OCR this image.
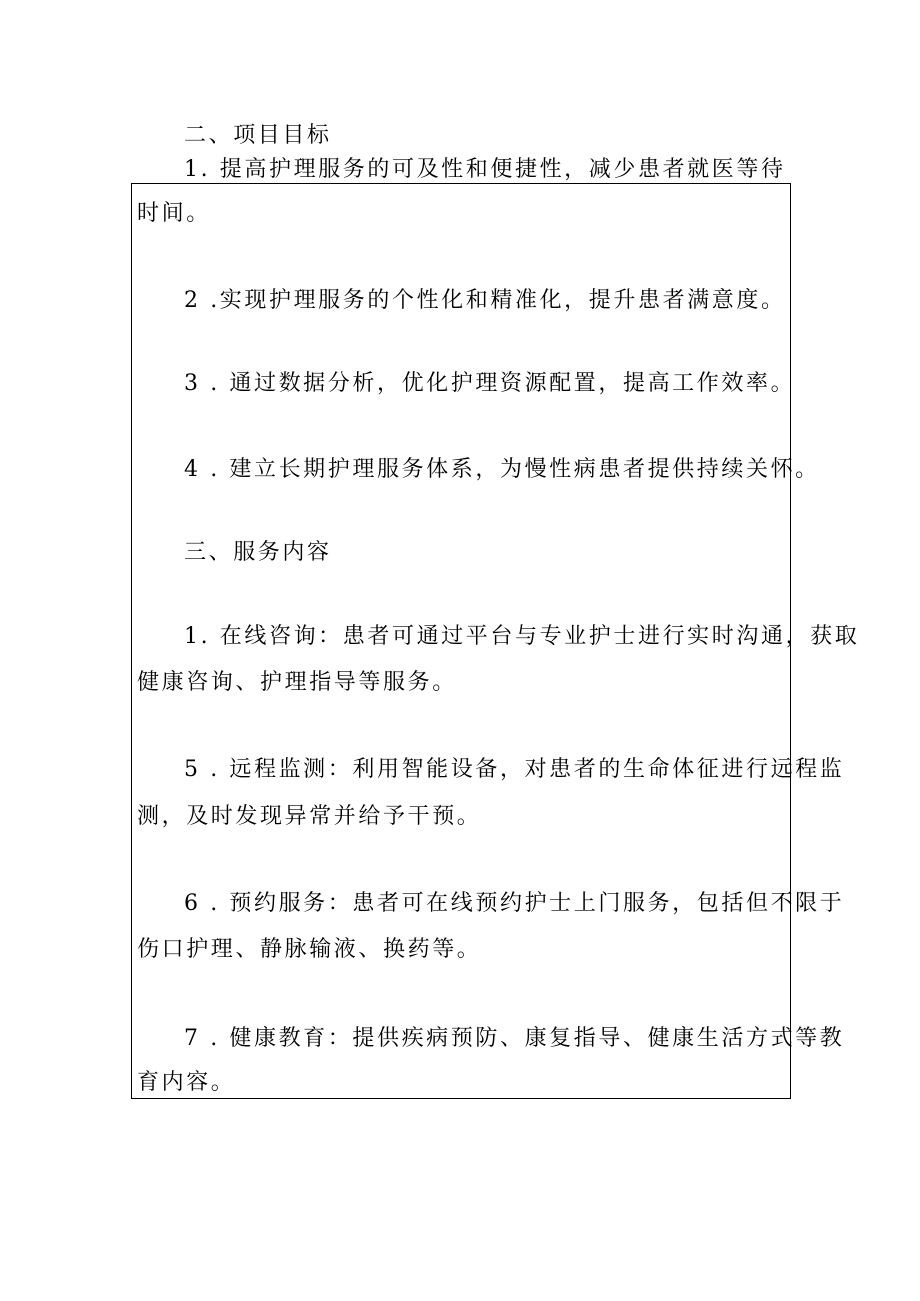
二、项目目标
1. 提高护理服务的可及性和便捷性，减少患者就医等待
时间。
2 .实现护理服务的个性化和精准化，提升患者满意度。
3 . 通过数据分析，优化护理资源配置，提高工作效率。
4 . 建立长期护理服务体系，为慢性病患者提供持续关怀。
三、服务内容
1. 在线咨询：患者可通过平台与专业护士进行实时沟通，获取
健康咨询、护理指导等服务。
5 . 远程监测：利用智能设备，对患者的生命体征进行远程监
测，及时发现异常并给予干预。
6 . 预约服务：患者可在线预约护士上门服务，包括但不限于
伤口护理、静脉输液、换药等。
7 . 健康教育：提供疾病预防、康复指导、健康生活方式等教
育内容。
